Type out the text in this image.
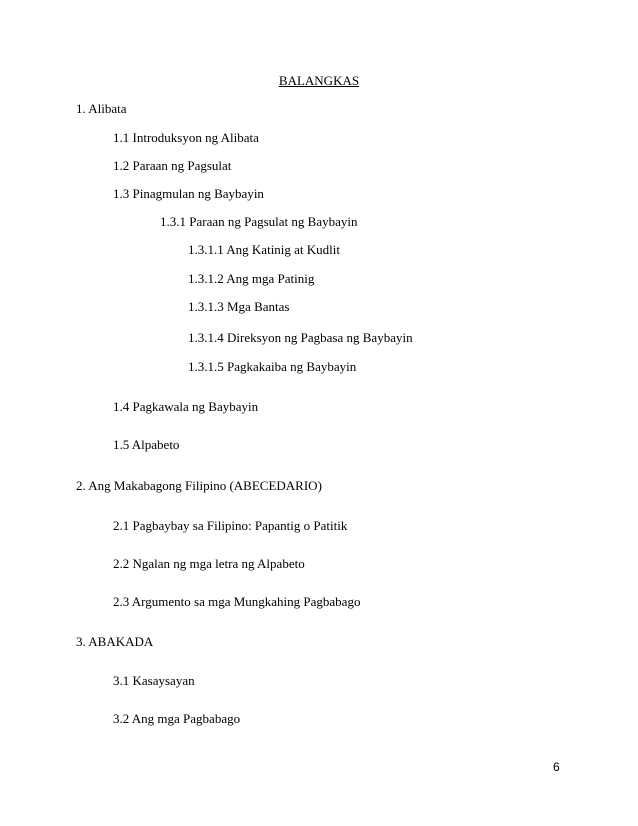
BALANGKAS
1. Alibata
1.1 Introduksyon ng Alibata
1.2 Paraan ng Pagsulat
1.3 Pinagmulan ng Baybayin
1.3.1 Paraan ng Pagsulat ng Baybayin
1.3.1.1 Ang Katinig at Kudlit
1.3.1.2 Ang mga Patinig
1.3.1.3 Mga Bantas
1.3.1.4 Direksyon ng Pagbasa ng Baybayin
1.3.1.5 Pagkakaiba ng Baybayin
1.4 Pagkawala ng Baybayin
1.5 Alpabeto
2. Ang Makabagong Filipino (ABECEDARIO)
2.1 Pagbaybay sa Filipino: Papantig o Patitik
2.2 Ngalan ng mga letra ng Alpabeto
2.3 Argumento sa mga Mungkahing Pagbabago
3. ABAKADA
3.1 Kasaysayan
3.2 Ang mga Pagbabago
6
